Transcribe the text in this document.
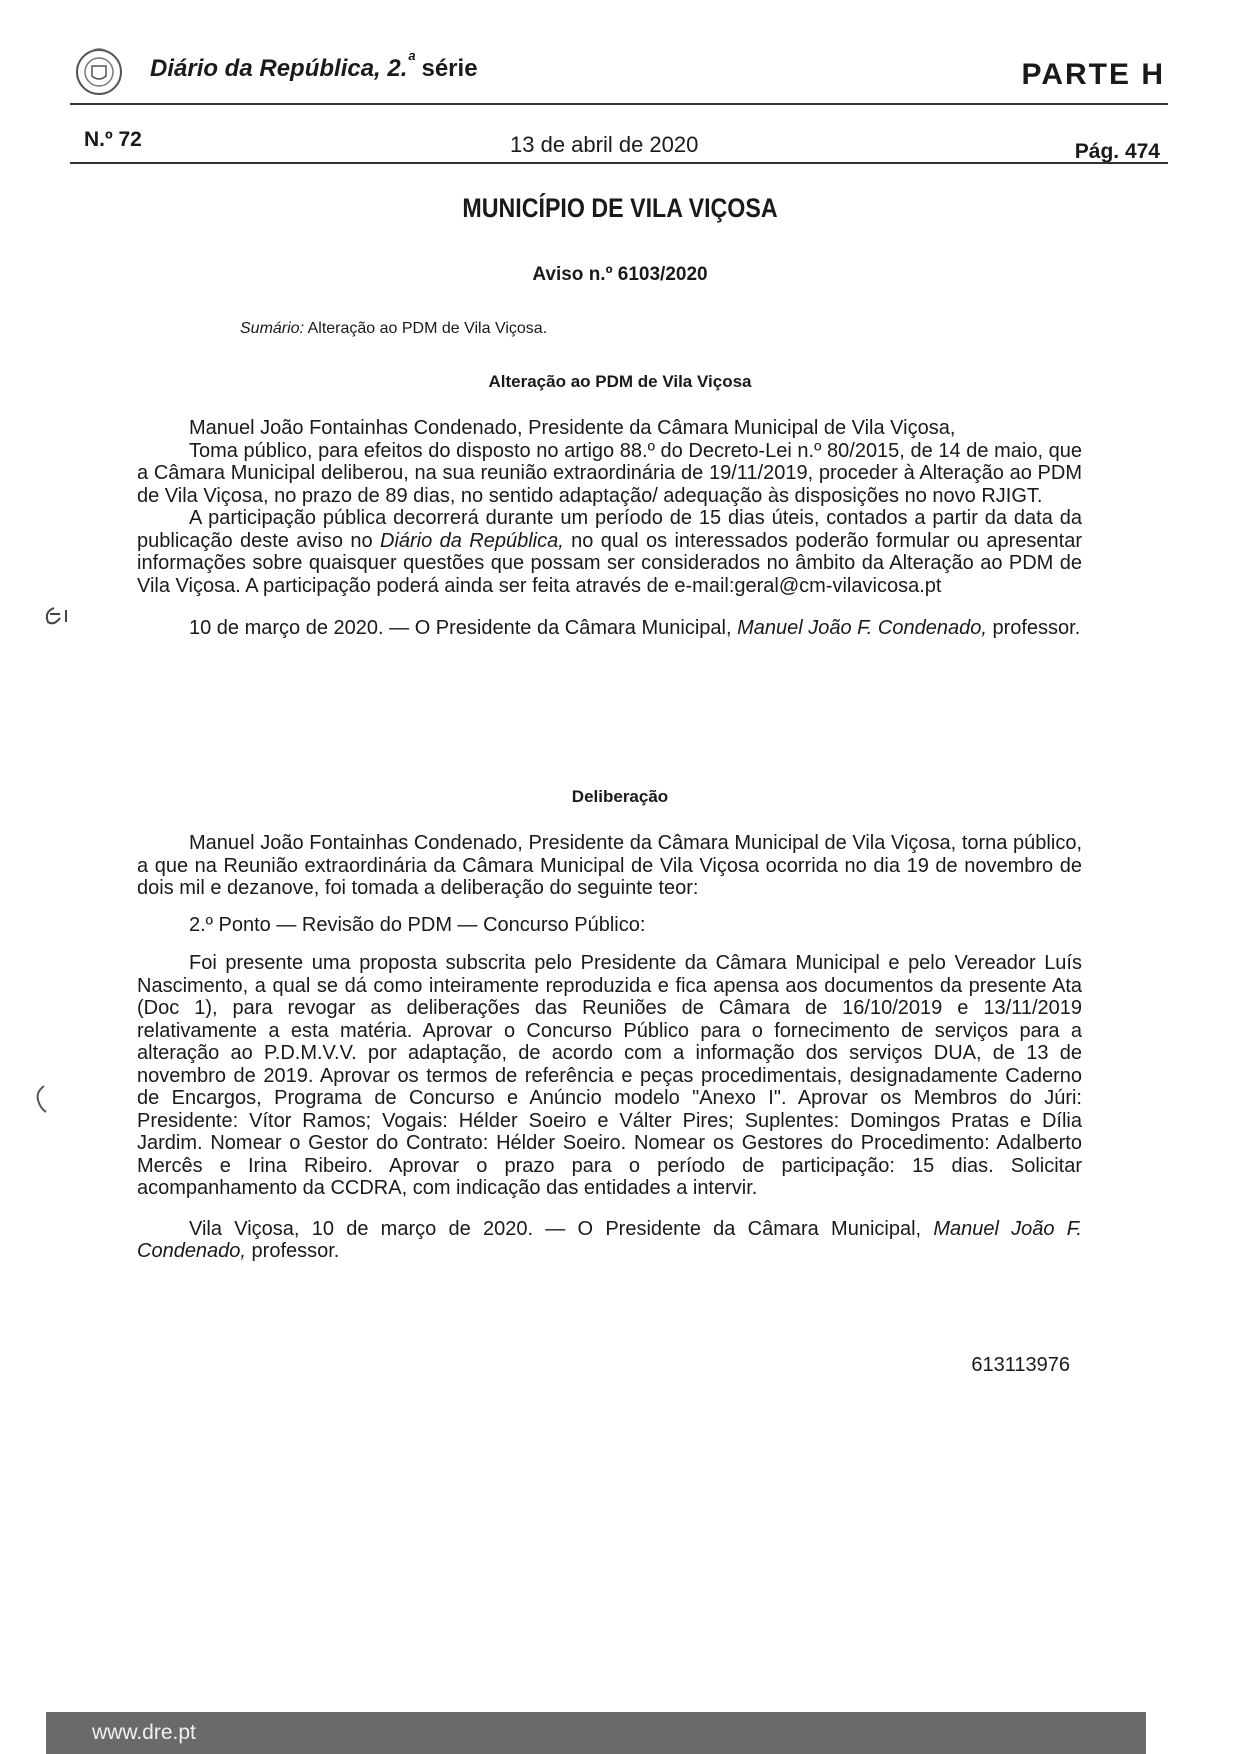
Diário da República, 2.$^ª$ série	PARTE H
N.º 72	13 de abril de 2020	Pág. 474
MUNICÍPIO DE VILA VIÇOSA
Aviso n.º 6103/2020
Sumário: Alteração ao PDM de Vila Viçosa.
Alteração ao PDM de Vila Viçosa

Manuel João Fontainhas Condenado, Presidente da Câmara Municipal de Vila Viçosa,

Toma público, para efeitos do disposto no artigo 88.º do Decreto-Lei n.º 80/2015, de 14 de maio, que a Câmara Municipal deliberou, na sua reunião extraordinária de 19/11/2019, proceder à Alteração ao PDM de Vila Viçosa, no prazo de 89 dias, no sentido adaptação/ adequação às disposições no novo RJIGT.

A participação pública decorrerá durante um período de 15 dias úteis, contados a partir da data da publicação deste aviso no Diário da República, no qual os interessados poderão formular ou apresentar informações sobre quaisquer questões que possam ser considerados no âmbito da Alteração ao PDM de Vila Viçosa. A participação poderá ainda ser feita através de e-mail:geral@cm-vilavicosa.pt

10 de março de 2020. — O Presidente da Câmara Municipal, Manuel João F. Condenado, professor.

Deliberação

Manuel João Fontainhas Condenado, Presidente da Câmara Municipal de Vila Viçosa, torna público, a que na Reunião extraordinária da Câmara Municipal de Vila Viçosa ocorrida no dia 19 de novembro de dois mil e dezanove, foi tomada a deliberação do seguinte teor:

2.º Ponto — Revisão do PDM — Concurso Público:

Foi presente uma proposta subscrita pelo Presidente da Câmara Municipal e pelo Vereador Luís Nascimento, a qual se dá como inteiramente reproduzida e fica apensa aos documentos da presente Ata (Doc 1), para revogar as deliberações das Reuniões de Câmara de 16/10/2019 e 13/11/2019 relativamente a esta matéria. Aprovar o Concurso Público para o fornecimento de serviços para a alteração ao P.D.M.V.V. por adaptação, de acordo com a informação dos serviços DUA, de 13 de novembro de 2019. Aprovar os termos de referência e peças procedimentais, designadamente Caderno de Encargos, Programa de Concurso e Anúncio modelo "Anexo I". Aprovar os Membros do Júri: Presidente: Vítor Ramos; Vogais: Hélder Soeiro e Válter Pires; Suplentes: Domingos Pratas e Dília Jardim. Nomear o Gestor do Contrato: Hélder Soeiro. Nomear os Gestores do Procedimento: Adalberto Mercês e Irina Ribeiro. Aprovar o prazo para o período de participação: 15 dias. Solicitar acompanhamento da CCDRA, com indicação das entidades a intervir.

Vila Viçosa, 10 de março de 2020. — O Presidente da Câmara Municipal, Manuel João F. Condenado, professor.

613113976
www.dre.pt
